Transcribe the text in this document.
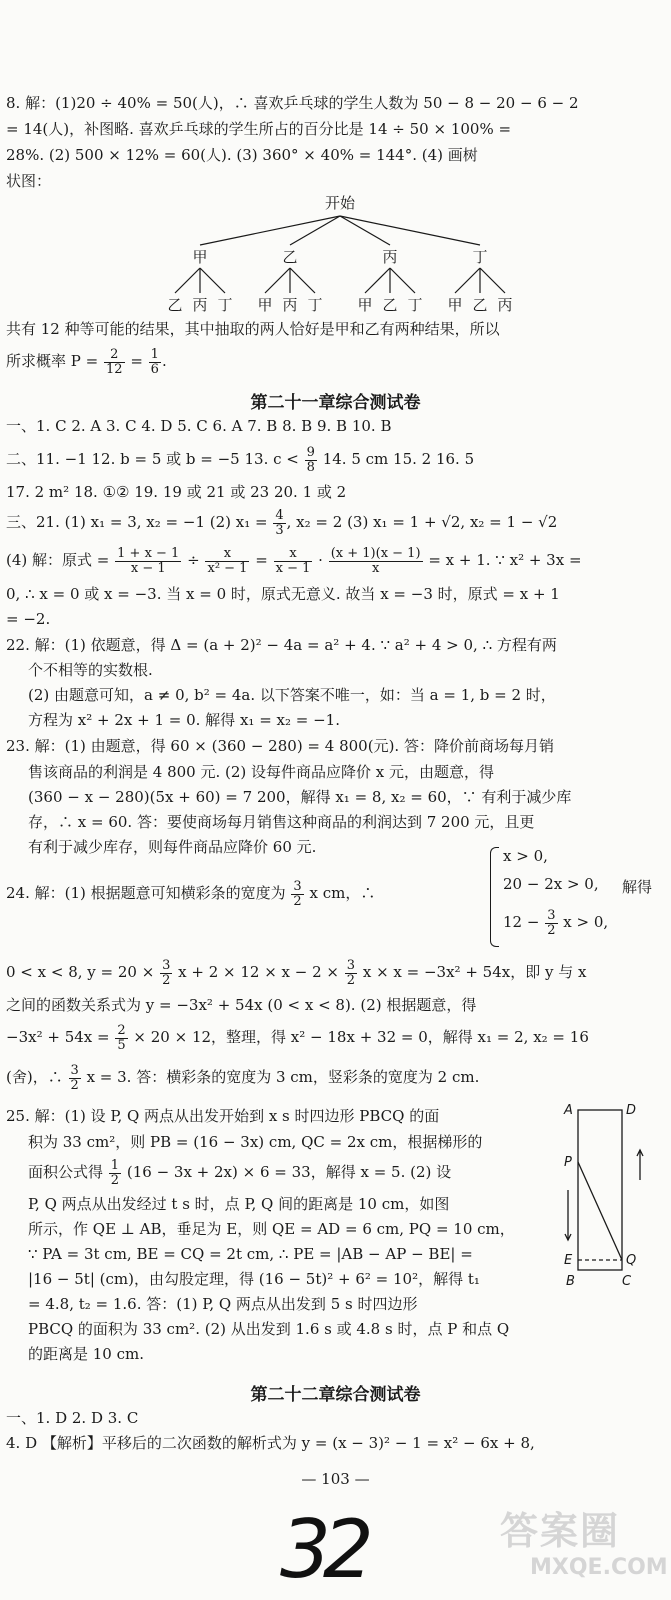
8. 解：(1)20 ÷ 40% = 50(人)，∴ 喜欢乒乓球的学生人数为 50 − 8 − 20 − 6 − 2
= 14(人)，补图略. 喜欢乒乓球的学生所占的百分比是 14 ÷ 50 × 100% =
28%. (2) 500 × 12% = 60(人). (3) 360° × 40% = 144°. (4) 画树
状图：
开始
甲	乙	丙	丁
乙 丙 丁 甲 丙 丁 甲 乙 丁 甲 乙 丙
共有 12 种等可能的结果，其中抽取的两人恰好是甲和乙有两种结果，所以
所求概率 $P = \frac{2}{12} = \frac{1}{6}$ .
第二十一章综合测试卷
一、1. C 2. A 3. C 4. D 5. C 6. A 7. B 8. B 9. B 10. B
二、11. −1 12. b = 5 或 b = −5 13. $c < \frac{9}{8} 14$. 5 cm 15. 2 16. 5
17. 2 m² 18. ①② 19. 19 或 21 或 23 20. 1 或 2
三、21. (1) x₁ = 3, x₂ = −1 (2) $x_1 = \frac{4}{3}$ , x₂ = 2 (3) x₁ = 1 + √2, x₂ = 1 − √2
(4) 解：原式 = $\frac{1 + x - 1}{x - 1} \div \frac{x}{\text{x² − 1}} = \frac{x}{x - 1} \cdot \frac{(x + 1)(x - 1)}{x} = x + 1$. ∵ x² + 3x =
0, ∴ x = 0 或 x = −3. 当 x = 0 时，原式无意义. 故当 x = −3 时，原式 = x + 1
= −2.
22. 解：(1) 依题意，得 Δ = (a + 2)² − 4a = a² + 4. ∵ a² + 4 > 0, ∴ 方程有两
个不相等的实数根.
(2) 由题意可知，a ≠ 0, b² = 4a. 以下答案不唯一，如：当 a = 1, b = 2 时，
方程为 x² + 2x + 1 = 0. 解得 x₁ = x₂ = −1.
23. 解：(1) 由题意，得 60 × (360 − 280) = 4 800(元). 答：降价前商场每月销
售该商品的利润是 4 800 元. (2) 设每件商品应降价 x 元，由题意，得
(360 − x − 280)(5x + 60) = 7 200，解得 x₁ = 8, x₂ = 60，∵ 有利于减少库
存，∴ x = 60. 答：要使商场每月销售这种商品的利润达到 7 200 元，且更
有利于减少库存，则每件商品应降价 60 元.
24. 解：(1) 根据题意可知横彩条的宽度为 $\frac{3}{2}$ x cm，∴
x > 0,
20 − 2x > 0,
$12 - \frac{3}{2}$ x > 0,
解得
0 < x < 8, $y = 20 \times \frac{3}{2}$ $x + 2 \times 12 \times x - 2 \times \frac{3}{2}$ x × x = −3x² + 54x，即 y 与 x
之间的函数关系式为 y = −3x² + 54x (0 < x < 8). (2) 根据题意，得
$-3x^2 + 54x = \frac{2}{5} \times 20 \times 12$，整理，得 x² − 18x + 32 = 0，解得 x₁ = 2, x₂ = 16
(舍)，∴ $\frac{3}{2}$ x = 3. 答：横彩条的宽度为 3 cm，竖彩条的宽度为 2 cm.
25. 解：(1) 设 P, Q 两点从出发开始到 x s 时四边形 PBCQ 的面
积为 33 cm²，则 PB = (16 − 3x) cm, QC = 2x cm，根据梯形的
面积公式得 $\frac{1}{2} (16 - 3x + 2x) \times 6 = 33$，解得 x = 5. (2) 设
P, Q 两点从出发经过 t s 时，点 P, Q 间的距离是 10 cm，如图
所示，作 QE ⊥ AB，垂足为 E，则 QE = AD = 6 cm, PQ = 10 cm，
∵ PA = 3t cm, BE = CQ = 2t cm, ∴ PE = |AB − AP − BE| =
|16 − 5t| (cm)，由勾股定理，得 (16 − 5t)² + 6² = 10²，解得 t₁
= 4.8, t₂ = 1.6. 答：(1) P, Q 两点从出发到 5 s 时四边形
PBCQ 的面积为 33 cm². (2) 从出发到 1.6 s 或 4.8 s 时，点 P 和点 Q
的距离是 10 cm.
A	D
P
E	Q
B	C
第二十二章综合测试卷
一、1. D 2. D 3. C
4. D 【解析】平移后的二次函数的解析式为 y = (x − 3)² − 1 = x² − 6x + 8,
— 103 —
32	答案圈
MXQE.COM
